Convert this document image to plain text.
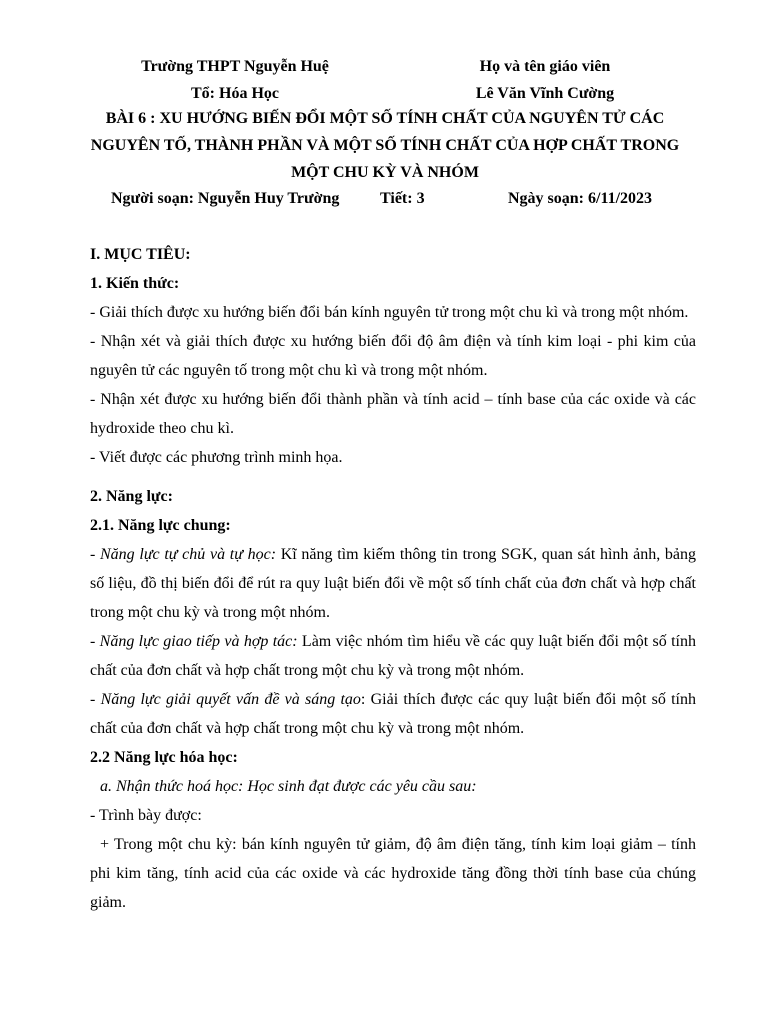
Trường THPT Nguyễn Huệ	Họ và tên giáo viên
Tổ: Hóa Học	Lê Văn Vĩnh Cường
BÀI 6 : XU HƯỚNG BIẾN ĐỔI MỘT SỐ TÍNH CHẤT CỦA NGUYÊN TỬ CÁC
NGUYÊN TỐ, THÀNH PHẦN VÀ MỘT SỐ TÍNH CHẤT CỦA HỢP CHẤT TRONG
MỘT CHU KỲ VÀ NHÓM
Người soạn: Nguyễn Huy Trường	Tiết: 3	Ngày soạn: 6/11/2023

I. MỤC TIÊU:

1. Kiến thức:

- Giải thích được xu hướng biến đổi bán kính nguyên tử trong một chu kì và trong một nhóm.

- Nhận xét và giải thích được xu hướng biến đổi độ âm điện và tính kim loại - phi kim của nguyên tử các nguyên tố trong một chu kì và trong một nhóm.

- Nhận xét được xu hướng biến đổi thành phần và tính acid – tính base của các oxide và các hydroxide theo chu kì.

- Viết được các phương trình minh họa.

2. Năng lực:

2.1. Năng lực chung:

- Năng lực tự chủ và tự học: Kĩ năng tìm kiếm thông tin trong SGK, quan sát hình ảnh, bảng số liệu, đồ thị biến đổi để rút ra quy luật biến đổi về một số tính chất của đơn chất và hợp chất trong một chu kỳ và trong một nhóm.

- Năng lực giao tiếp và hợp tác: Làm việc nhóm tìm hiểu về các quy luật biến đổi một số tính chất của đơn chất và hợp chất trong một chu kỳ và trong một nhóm.

- Năng lực giải quyết vấn đề và sáng tạo: Giải thích được các quy luật biến đổi một số tính chất của đơn chất và hợp chất trong một chu kỳ và trong một nhóm.

2.2 Năng lực hóa học:

a. Nhận thức hoá học: Học sinh đạt được các yêu cầu sau:

- Trình bày được:

+ Trong một chu kỳ: bán kính nguyên tử giảm, độ âm điện tăng, tính kim loại giảm – tính phi kim tăng, tính acid của các oxide và các hydroxide tăng đồng thời tính base của chúng giảm.
